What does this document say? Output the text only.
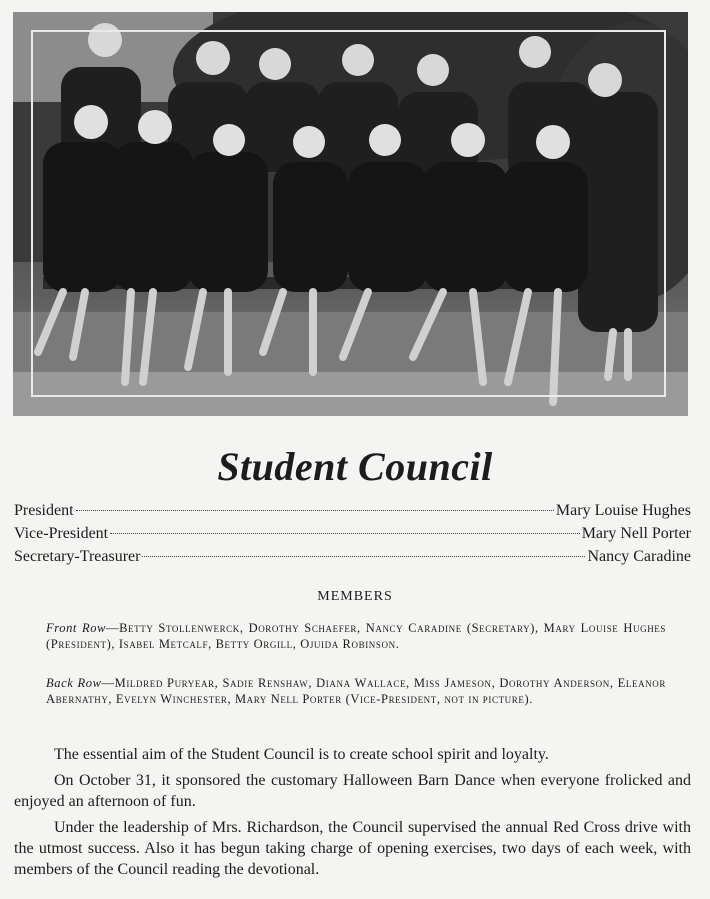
Student Council
President	Mary Louise Hughes
Vice-President	Mary Nell Porter
Secretary-Treasurer	Nancy Caradine
MEMBERS
Front Row—Betty Stollenwerck, Dorothy Schaefer, Nancy Caradine (Secretary), Mary Louise Hughes (President), Isabel Metcalf, Betty Orgill, Ojuida Robinson.
Back Row—Mildred Puryear, Sadie Renshaw, Diana Wallace, Miss Jameson, Dorothy Anderson, Eleanor Abernathy, Evelyn Winchester, Mary Nell Porter (Vice-President, not in picture).

The essential aim of the Student Council is to create school spirit and loyalty.

On October 31, it sponsored the customary Halloween Barn Dance when everyone frolicked and enjoyed an afternoon of fun.

Under the leadership of Mrs. Richardson, the Council supervised the annual Red Cross drive with the utmost success. Also it has begun taking charge of opening exercises, two days of each week, with members of the Council reading the devotional.
